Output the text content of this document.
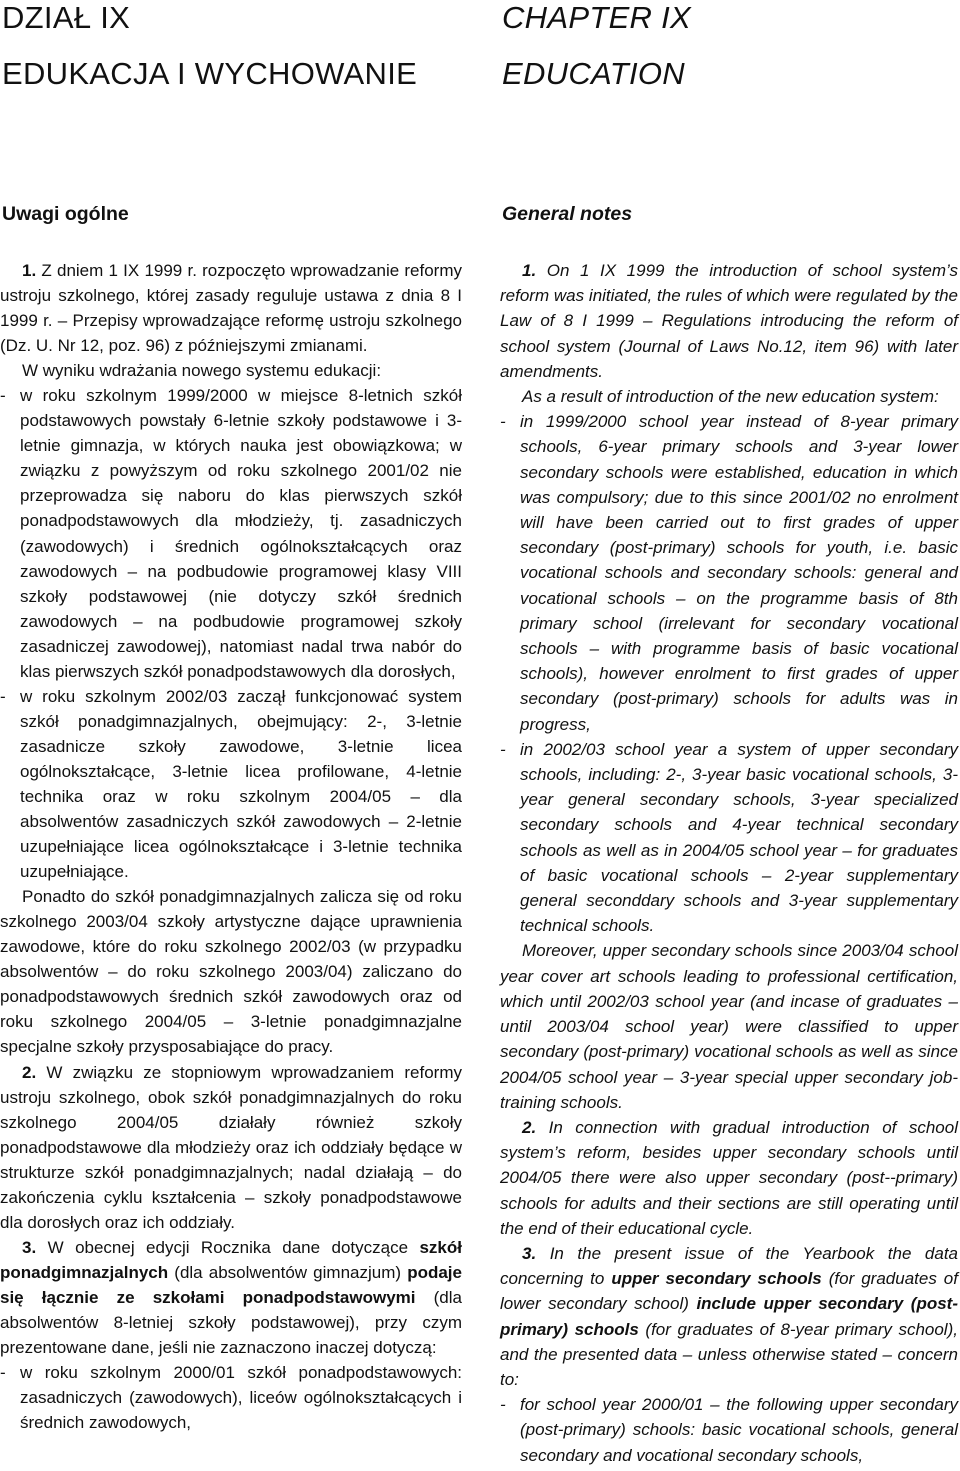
DZIAŁ IX
EDUKACJA I WYCHOWANIE
Uwagi ogólne

1. Z dniem 1 IX 1999 r. rozpoczęto wprowadzanie reformy ustroju szkolnego, której zasady reguluje ustawa z dnia 8 I 1999 r. – Przepisy wprowadzające reformę ustroju szkolnego (Dz. U. Nr 12, poz. 96) z późniejszymi zmianami.

W wyniku wdrażania nowego systemu edukacji:

- w roku szkolnym 1999/2000 w miejsce 8-letnich szkół podstawowych powstały 6-letnie szkoły podstawowe i 3-letnie gimnazja, w których nauka jest obowiązkowa; w związku z powyższym od roku szkolnego 2001/02 nie przeprowadza się naboru do klas pierwszych szkół ponadpodstawowych dla młodzieży, tj. zasadniczych (zawodowych) i średnich ogólnokształcących oraz zawodowych – na podbudowie programowej klasy VIII szkoły podstawowej (nie dotyczy szkół średnich zawodowych – na podbudowie programowej szkoły zasadniczej zawodowej), natomiast nadal trwa nabór do klas pierwszych szkół ponadpodstawowych dla dorosłych,
- w roku szkolnym 2002/03 zaczął funkcjonować system szkół ponadgimnazjalnych, obejmujący: 2-, 3-letnie zasadnicze szkoły zawodowe, 3-letnie licea ogólnokształcące, 3-letnie licea profilowane, 4-letnie technika oraz w roku szkolnym 2004/05 – dla absolwentów zasadniczych szkół zawodowych – 2-letnie uzupełniające licea ogólnokształcące i 3-letnie technika uzupełniające.

Ponadto do szkół ponadgimnazjalnych zalicza się od roku szkolnego 2003/04 szkoły artystyczne dające uprawnienia zawodowe, które do roku szkolnego 2002/03 (w przypadku absolwentów – do roku szkolnego 2003/04) zaliczano do ponadpodstawowych średnich szkół zawodowych oraz od roku szkolnego 2004/05 – 3-letnie ponadgimnazjalne specjalne szkoły przysposabiające do pracy.

2. W związku ze stopniowym wprowadzaniem reformy ustroju szkolnego, obok szkół ponadgimnazjalnych do roku szkolnego 2004/05 działały również szkoły ponadpodstawowe dla młodzieży oraz ich oddziały będące w strukturze szkół ponadgimnazjalnych; nadal działają – do zakończenia cyklu kształcenia – szkoły ponadpodstawowe dla dorosłych oraz ich oddziały.

3. W obecnej edycji Rocznika dane dotyczące szkół ponadgimnazjalnych (dla absolwentów gimnazjum) podaje się łącznie ze szkołami ponadpodstawowymi (dla absolwentów 8-letniej szkoły podstawowej), przy czym prezentowane dane, jeśli nie zaznaczono inaczej dotyczą:

- w roku szkolnym 2000/01 szkół ponadpodstawowych: zasadniczych (zawodowych), liceów ogólnokształcących i średnich zawodowych,
CHAPTER IX
EDUCATION
General notes

1. On 1 IX 1999 the introduction of school system’s reform was initiated, the rules of which were regulated by the Law of 8 I 1999 – Regulations introducing the reform of school system (Journal of Laws No.12, item 96) with later amendments.

As a result of introduction of the new education system:

- in 1999/2000 school year instead of 8-year primary schools, 6-year primary schools and 3-year lower secondary schools were established, education in which was compulsory; due to this since 2001/02 no enrolment will have been carried out to first grades of upper secondary (post-primary) schools for youth, i.e. basic vocational schools and secondary schools: general and vocational schools – on the programme basis of 8th primary school (irrelevant for secondary vocational schools – with programme basis of basic vocational schools), however enrolment to first grades of upper secondary (post-primary) schools for adults was in progress,
- in 2002/03 school year a system of upper secondary schools, including: 2-, 3-year basic vocational schools, 3-year general secondary schools, 3-year specialized secondary schools and 4-year technical secondary schools as well as in 2004/05 school year – for graduates of basic vocational schools – 2-year supplementary general seconddary schools and 3-year supplementary technical schools.

Moreover, upper secondary schools since 2003/04 school year cover art schools leading to professional certification, which until 2002/03 school year (and incase of graduates – until 2003/04 school year) were classified to upper secondary (post-primary) vocational schools as well as since 2004/05 school year – 3-year special upper secondary job-training schools.

2. In connection with gradual introduction of school system’s reform, besides upper secondary schools until 2004/05 there were also upper secondary (post--primary) schools for adults and their sections are still operating until the end of their educational cycle.

3. In the present issue of the Yearbook the data concerning to upper secondary schools (for graduates of lower secondary school) include upper secondary (post-primary) schools (for graduates of 8-year primary school), and the presented data – unless otherwise stated – concern to:

- for school year 2000/01 – the following upper secondary (post-primary) schools: basic vocational schools, general secondary and vocational secondary schools,
